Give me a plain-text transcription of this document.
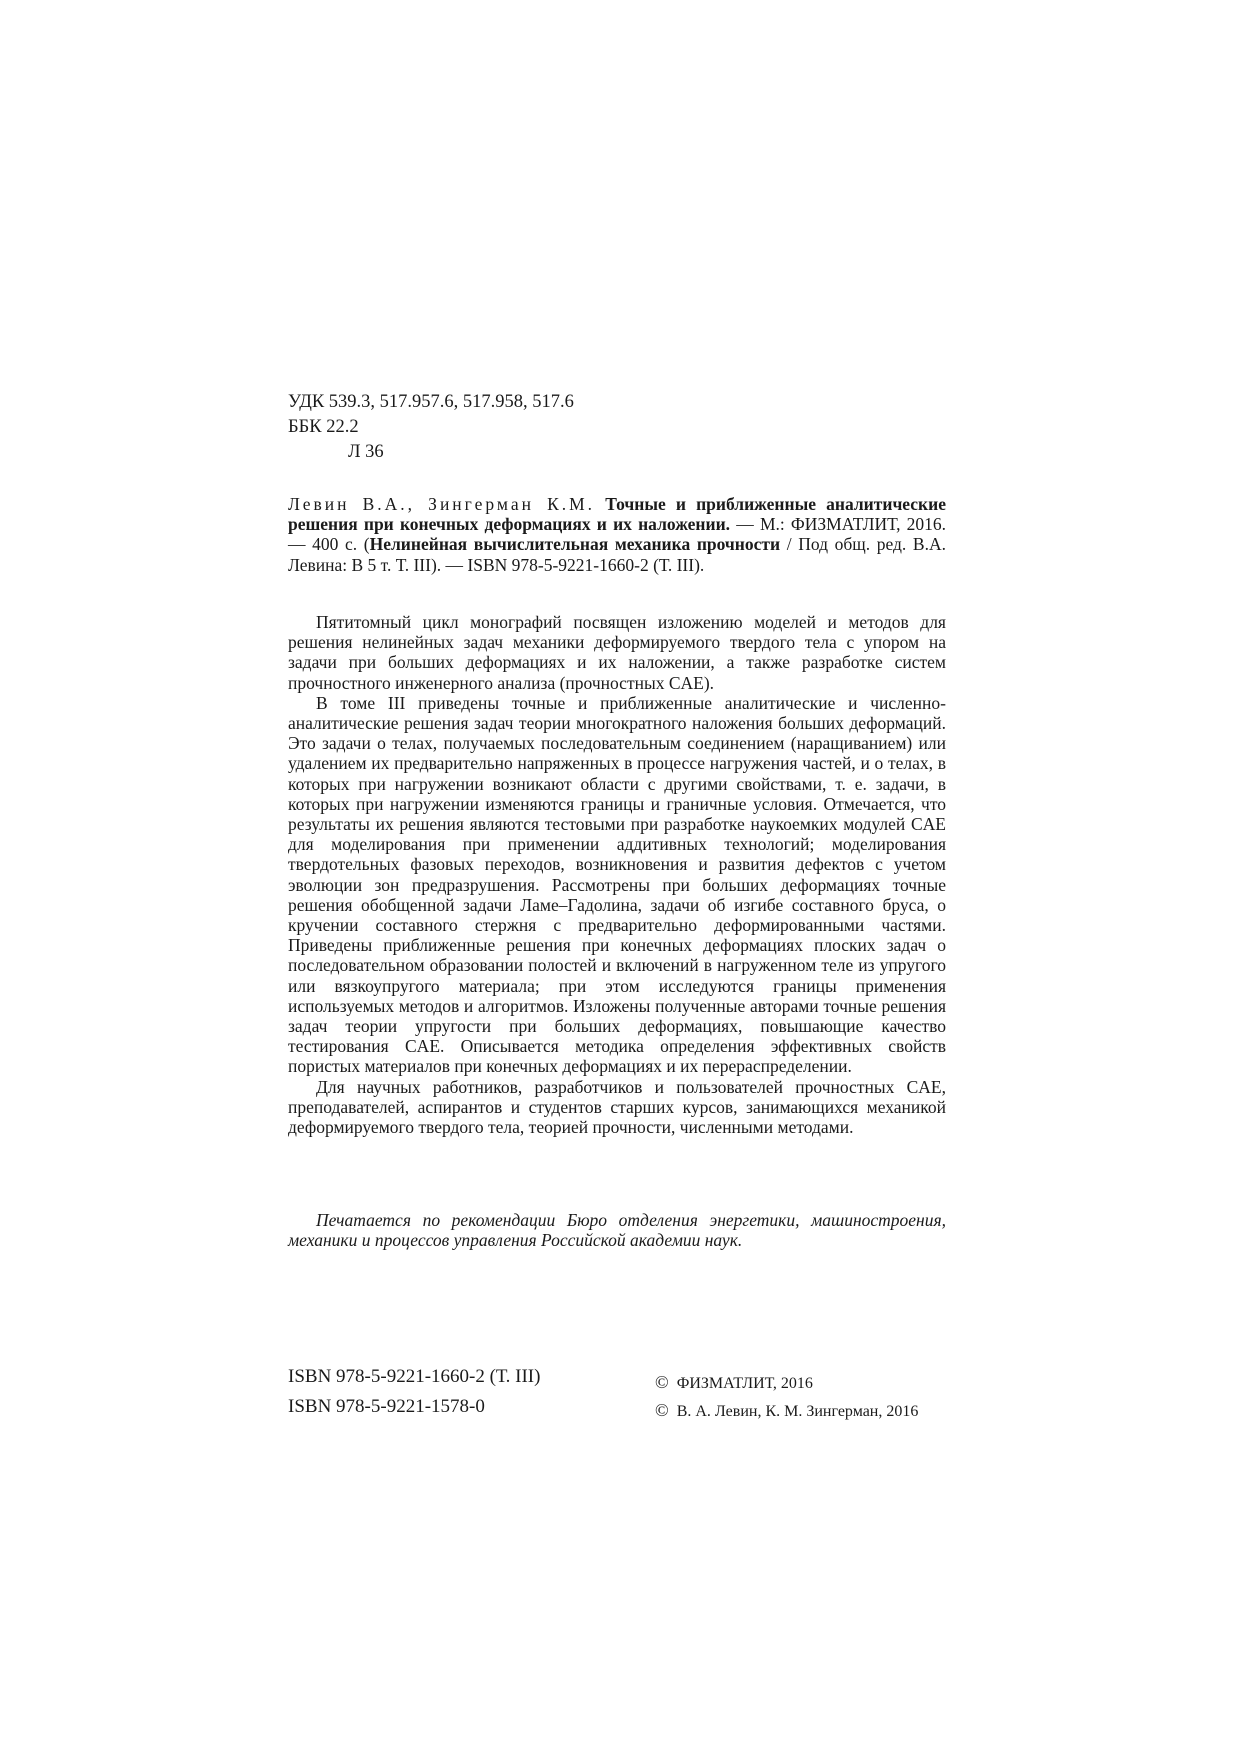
УДК 539.3, 517.957.6, 517.958, 517.6
ББК 22.2
Л 36
Левин В.А., Зингерман К.М. Точные и приближенные аналитические решения при конечных деформациях и их наложении. — М.: ФИЗМАТЛИТ, 2016. — 400 с. (Нелинейная вычислительная механика прочности / Под общ. ред. В.А. Левина: В 5 т. Т. III). — ISBN 978-5-9221-1660-2 (Т. III).

Пятитомный цикл монографий посвящен изложению моделей и методов для решения нелинейных задач механики деформируемого твердого тела с упором на задачи при больших деформациях и их наложении, а также разработке систем прочностного инженерного анализа (прочностных CAE).

В томе III приведены точные и приближенные аналитические и численно-аналитические решения задач теории многократного наложения больших деформаций. Это задачи о телах, получаемых последовательным соединением (наращиванием) или удалением их предварительно напряженных в процессе нагружения частей, и о телах, в которых при нагружении возникают области с другими свойствами, т. е. задачи, в которых при нагружении изменяются границы и граничные условия. Отмечается, что результаты их решения являются тестовыми при разработке наукоемких модулей CAE для моделирования при применении аддитивных технологий; моделирования твердотельных фазовых переходов, возникновения и развития дефектов с учетом эволюции зон предразрушения. Рассмотрены при больших деформациях точные решения обобщенной задачи Ламе–Гадолина, задачи об изгибе составного бруса, о кручении составного стержня с предварительно деформированными частями. Приведены приближенные решения при конечных деформациях плоских задач о последовательном образовании полостей и включений в нагруженном теле из упругого или вязкоупругого материала; при этом исследуются границы применения используемых методов и алгоритмов. Изложены полученные авторами точные решения задач теории упругости при больших деформациях, повышающие качество тестирования CAE. Описывается методика определения эффективных свойств пористых материалов при конечных деформациях и их перераспределении.

Для научных работников, разработчиков и пользователей прочностных CAE, преподавателей, аспирантов и студентов старших курсов, занимающихся механикой деформируемого твердого тела, теорией прочности, численными методами.

Печатается по рекомендации Бюро отделения энергетики, машиностроения, механики и процессов управления Российской академии наук.

ISBN 978-5-9221-1660-2 (Т. III)
ISBN 978-5-9221-1578-0
© ФИЗМАТЛИТ, 2016
© В. А. Левин, К. М. Зингерман, 2016
